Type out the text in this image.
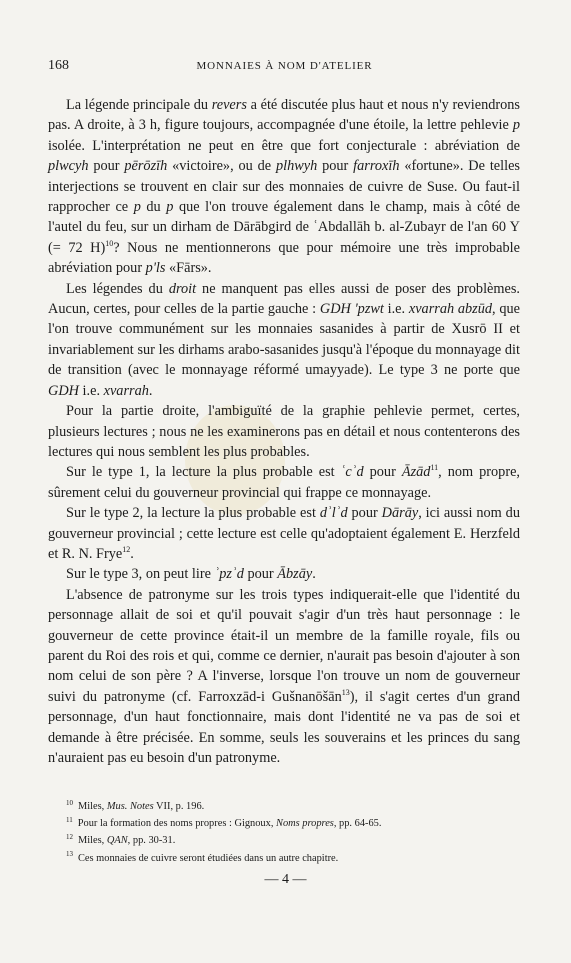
168	MONNAIES À NOM D'ATELIER

La légende principale du revers a été discutée plus haut et nous n'y reviendrons pas. A droite, à 3 h, figure toujours, accompagnée d'une étoile, la lettre pehlevie p isolée. L'interprétation ne peut en être que fort conjecturale : abréviation de plwcyh pour pērōzīh «victoire», ou de plhwyh pour farroxīh «fortune». De telles interjections se trouvent en clair sur des monnaies de cuivre de Suse. Ou faut-il rapprocher ce p du p que l'on trouve également dans le champ, mais à côté de l'autel du feu, sur un dirham de Dārābgird de ʿAbdallāh b. al-Zubayr de l'an 60 Y (= 72 H)$^{10}$? Nous ne mentionnerons que pour mémoire une très improbable abréviation pour p'ls «Fārs».

Les légendes du droit ne manquent pas elles aussi de poser des problèmes. Aucun, certes, pour celles de la partie gauche : GDH 'pzwt i.e. xvarrah abzūd, que l'on trouve communément sur les monnaies sasanides à partir de Xusrō II et invariablement sur les dirhams arabo-sasanides jusqu'à l'époque du monnayage dit de transition (avec le monnayage réformé umayyade). Le type 3 ne porte que GDH i.e. xvarrah.

Pour la partie droite, l'ambiguïté de la graphie pehlevie permet, certes, plusieurs lectures ; nous ne les examinerons pas en détail et nous contenterons des lectures qui nous semblent les plus probables.

Sur le type 1, la lecture la plus probable est ʿcʾd pour Āzād$^{11}$, nom propre, sûrement celui du gouverneur provincial qui frappe ce monnayage.

Sur le type 2, la lecture la plus probable est dʾlʾd pour Dārāy, ici aussi nom du gouverneur provincial ; cette lecture est celle qu'adoptaient également E. Herzfeld et R. N. Frye$^{12}$.

Sur le type 3, on peut lire ʾpzʾd pour Ābzāy.

L'absence de patronyme sur les trois types indiquerait-elle que l'identité du personnage allait de soi et qu'il pouvait s'agir d'un très haut personnage : le gouverneur de cette province était-il un membre de la famille royale, fils ou parent du Roi des rois et qui, comme ce dernier, n'aurait pas besoin d'ajouter à son nom celui de son père ? A l'inverse, lorsque l'on trouve un nom de gouverneur suivi du patronyme (cf. Farroxzād-i Gušnanōšān$^{13}$), il s'agit certes d'un grand personnage, d'un haut fonctionnaire, mais dont l'identité ne va pas de soi et demande à être précisée. En somme, seuls les souverains et les princes du sang n'auraient pas eu besoin d'un patronyme.

$^{10}$ Miles, Mus. Notes VII, p. 196.
$^{11}$ Pour la formation des noms propres : Gignoux, Noms propres, pp. 64-65.
$^{12}$ Miles, QAN, pp. 30-31.
$^{13}$ Ces monnaies de cuivre seront étudiées dans un autre chapitre.
— 4 —
